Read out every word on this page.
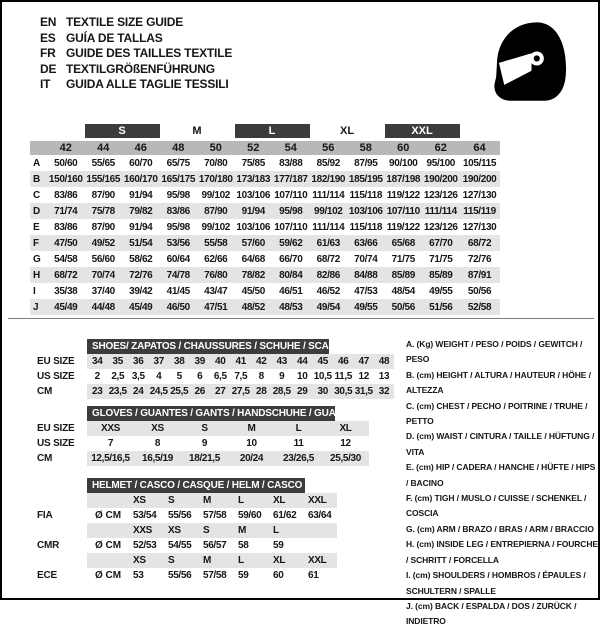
EN TEXTILE SIZE GUIDE
ES GUÍA DE TALLAS
FR GUIDE DES TAILLES TEXTILE
DE TEXTILGRÖßENFÜHRUNG
IT	GUIDA ALLE TAGLIE TESSILI

		S		M		L		XL		XXL		

	42	44	46	48	50	52	54	56	58	60	62	64
A	50/60	55/65	60/70	65/75	70/80	75/85	83/88	85/92	87/95	90/100	95/100	105/115
B	150/160	155/165	160/170	165/175	170/180	173/183	177/187	182/190	185/195	187/198	190/200	190/200
C	83/86	87/90	91/94	95/98	99/102	103/106	107/110	111/114	115/118	119/122	123/126	127/130
D	71/74	75/78	79/82	83/86	87/90	91/94	95/98	99/102	103/106	107/110	111/114	115/119
E	83/86	87/90	91/94	95/98	99/102	103/106	107/110	111/114	115/118	119/122	123/126	127/130
F	47/50	49/52	51/54	53/56	55/58	57/60	59/62	61/63	63/66	65/68	67/70	68/72
G	54/58	56/60	58/62	60/64	62/66	64/68	66/70	68/72	70/74	71/75	71/75	72/76
H	68/72	70/74	72/76	74/78	76/80	78/82	80/84	82/86	84/88	85/89	85/89	87/91
I	35/38	37/40	39/42	41/45	43/47	45/50	46/51	46/52	47/53	48/54	49/55	50/56
J	45/49	44/48	45/49	46/50	47/51	48/52	48/53	49/54	49/55	50/56	51/56	52/58

	SHOES/ ZAPATOS / CHAUSSURES / SCHUHE / SCARPE														

EU SIZE	34	35	36	37	38	39	40	41	42	43	44	45	46	47	48
US SIZE	2	2,5	3,5	4	5	6	6,5	7,5	8	9	10	10,5	11,5	12	13
CM	23	23,5	24	24,5	25,5	26	27	27,5	28	28,5	29	30	30,5	31,5	32

	GLOVES / GUANTES / GANTS / HANDSCHUHE / GUANTI					

EU SIZE	XXS	XS	S	M	L	XL
US SIZE	7	8	9	10	11	12
CM	12,5/16,5	16,5/19	18/21,5	20/24	23/26,5	25,5/30

	HELMET / CASCO / CASQUE / HELM / CASCO						

		XS	S	M	L	XL	XXL
FIA	Ø CM	53/54	55/56	57/58	59/60	61/62	63/64
		XXS	XS	S	M	L	
CMR	Ø CM	52/53	54/55	56/57	58	59	
		XS	S	M	L	XL	XXL
ECE	Ø CM	53	55/56	57/58	59	60	61
A. (Kg) WEIGHT / PESO / POIDS / GEWITCH / PESO
B. (cm) HEIGHT / ALTURA / HAUTEUR / HÖHE / ALTEZZA
C. (cm) CHEST / PECHO / POITRINE / TRUHE / PETTO
D. (cm) WAIST / CINTURA / TAILLE / HÜFTUNG / VITA
E. (cm) HIP / CADERA / HANCHE / HÜFTE / HIPS / BACINO
F. (cm) TIGH / MUSLO / CUISSE / SCHENKEL / COSCIA
G. (cm) ARM / BRAZO / BRAS / ARM / BRACCIO
H. (cm) INSIDE LEG / ENTREPIERNA / FOURCHE / SCHRITT / FORCELLA
I. (cm) SHOULDERS / HOMBROS / ÉPAULES / SCHULTERN / SPALLE
J. (cm) BACK / ESPALDA / DOS / ZURÜCK / INDIETRO
